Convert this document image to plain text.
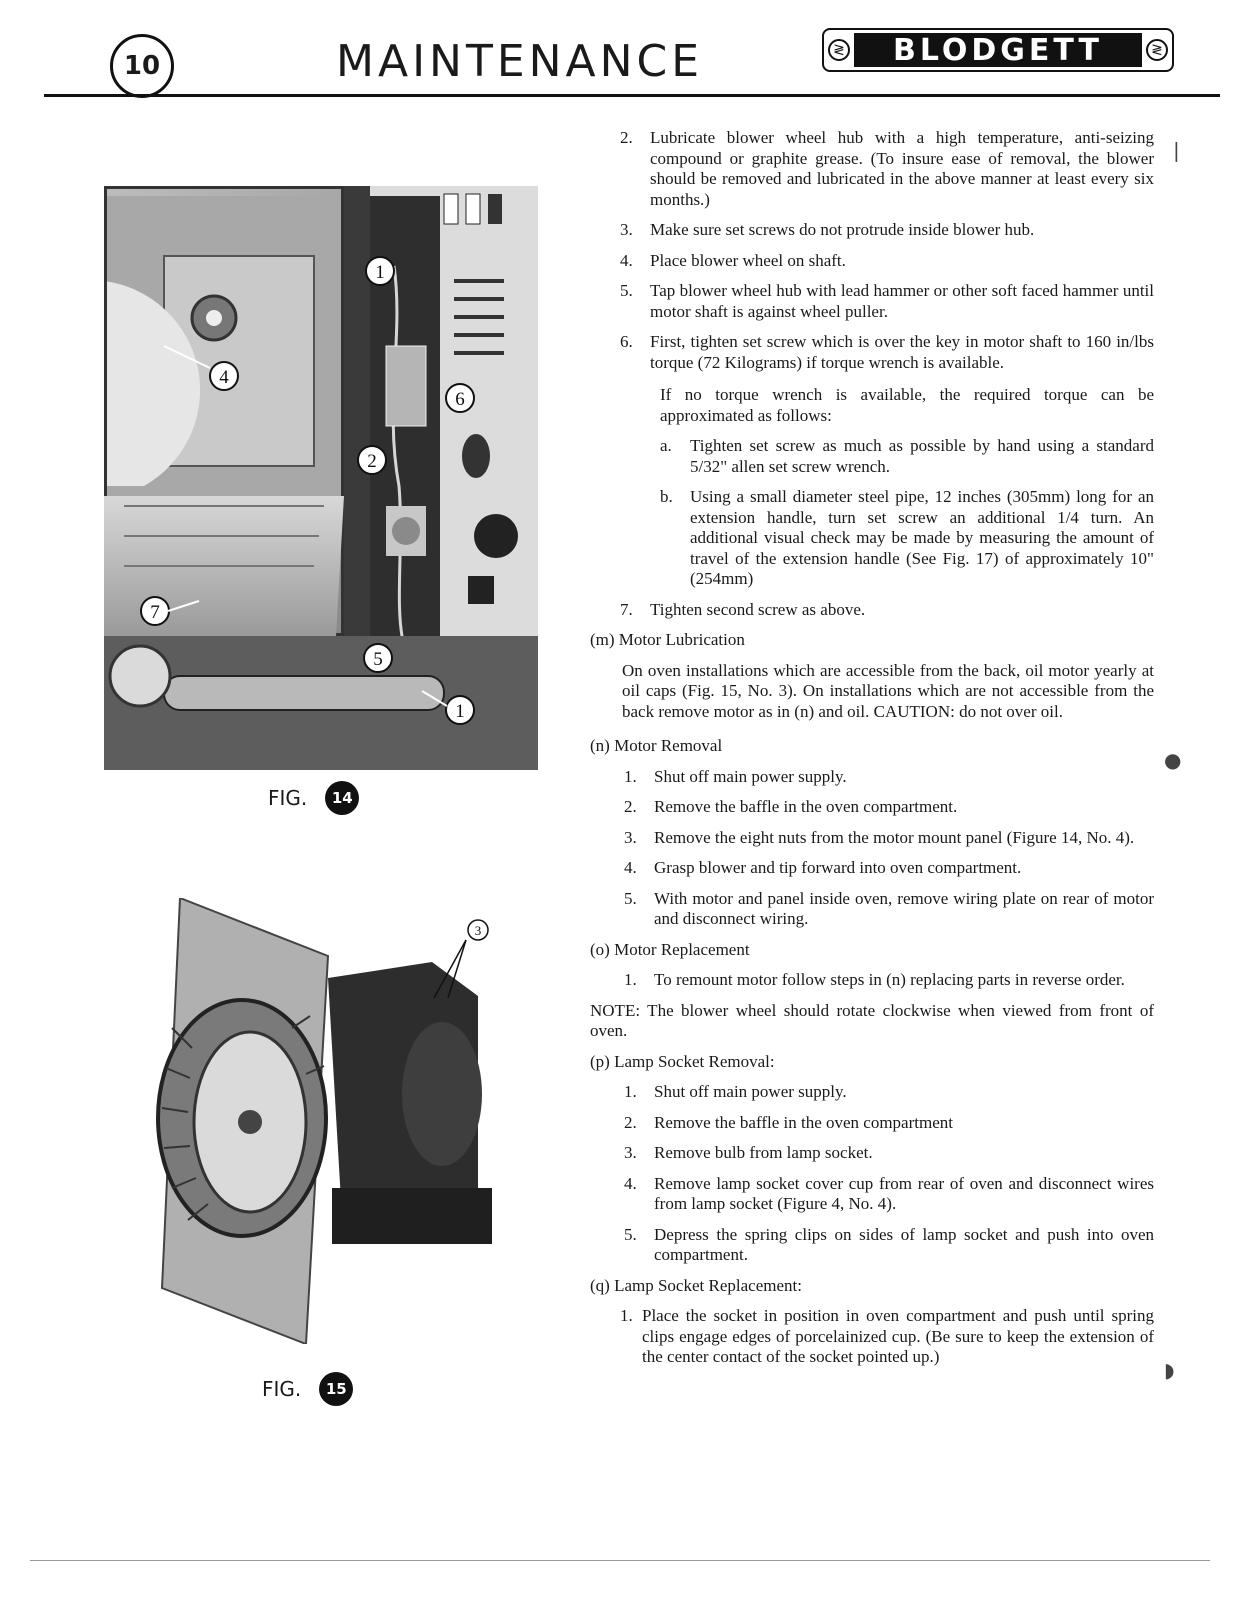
10	MAINTENANCE	≷	BLODGETT	≷
4
1
2
6
7
5
1
FIG.	14
3
FIG.	15
2.	Lubricate blower wheel hub with a high temperature, anti-seizing compound or graphite grease. (To insure ease of removal, the blower should be removed and lubricated in the above manner at least every six months.)
3.	Make sure set screws do not protrude inside blower hub.
4.	Place blower wheel on shaft.
5.	Tap blower wheel hub with lead hammer or other soft faced hammer until motor shaft is against wheel puller.
6.	First, tighten set screw which is over the key in motor shaft to 160 in/lbs torque (72 Kilograms) if torque wrench is available.
If no torque wrench is available, the required torque can be approximated as follows:
a.	Tighten set screw as much as possible by hand using a standard 5/32" allen set screw wrench.
b.	Using a small diameter steel pipe, 12 inches (305mm) long for an extension handle, turn set screw an additional 1/4 turn. An additional visual check may be made by measuring the amount of travel of the extension handle (See Fig. 17) of approximately 10" (254mm)
7.	Tighten second screw as above.
(m) Motor Lubrication
On oven installations which are accessible from the back, oil motor yearly at oil caps (Fig. 15, No. 3). On installations which are not accessible from the back remove motor as in (n) and oil. CAUTION: do not over oil.
(n) Motor Removal
1.	Shut off main power supply.
2.	Remove the baffle in the oven compartment.
3.	Remove the eight nuts from the motor mount panel (Figure 14, No. 4).
4.	Grasp blower and tip forward into oven compartment.
5.	With motor and panel inside oven, remove wiring plate on rear of motor and disconnect wiring.
(o) Motor Replacement
1.	To remount motor follow steps in (n) replacing parts in reverse order.
NOTE: The blower wheel should rotate clockwise when viewed from front of oven.
(p) Lamp Socket Removal:
1.	Shut off main power supply.
2.	Remove the baffle in the oven compartment
3.	Remove bulb from lamp socket.
4.	Remove lamp socket cover cup from rear of oven and disconnect wires from lamp socket (Figure 4, No. 4).
5.	Depress the spring clips on sides of lamp socket and push into oven compartment.
(q) Lamp Socket Replacement:
1. Place the socket in position in oven compartment and push until spring clips engage edges of porcelainized cup. (Be sure to keep the extension of the center contact of the socket pointed up.)
❘
●
◗
